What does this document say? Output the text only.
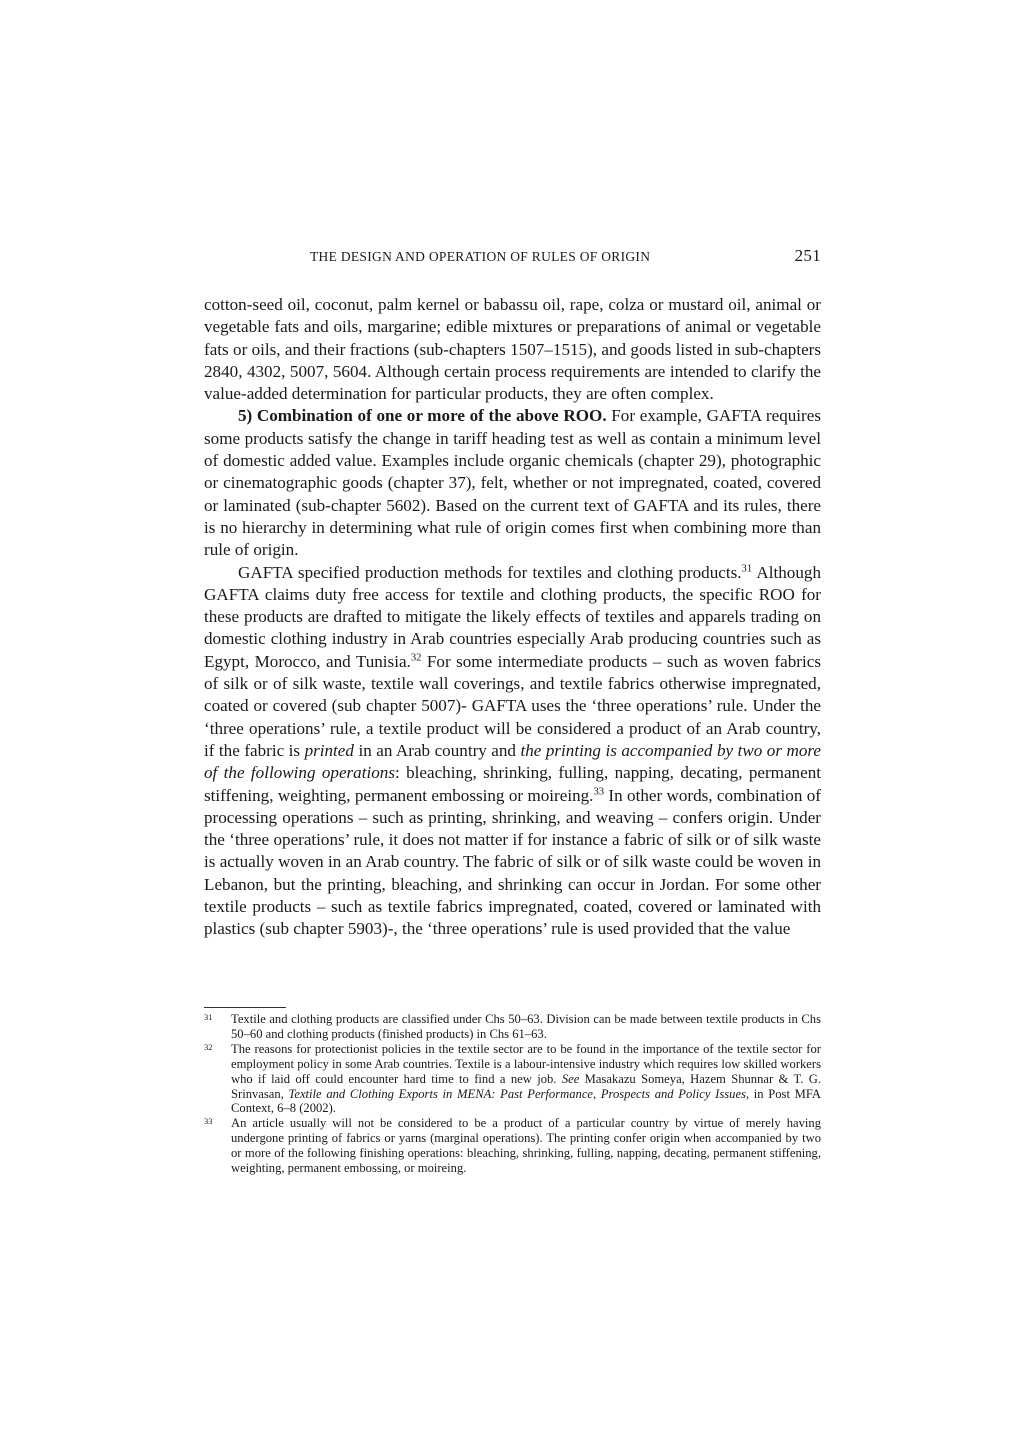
THE DESIGN AND OPERATION OF RULES OF ORIGIN	251

cotton-seed oil, coconut, palm kernel or babassu oil, rape, colza or mustard oil, animal or vegetable fats and oils, margarine; edible mixtures or preparations of animal or vegetable fats or oils, and their fractions (sub-chapters 1507–1515), and goods listed in sub-chapters 2840, 4302, 5007, 5604. Although certain process requirements are intended to clarify the value-added determination for particular products, they are often complex.

5) Combination of one or more of the above ROO. For example, GAFTA requires some products satisfy the change in tariff heading test as well as contain a minimum level of domestic added value. Examples include organic chemicals (chapter 29), photographic or cinematographic goods (chapter 37), felt, whether or not impregnated, coated, covered or laminated (sub-chapter 5602). Based on the current text of GAFTA and its rules, there is no hierarchy in determining what rule of origin comes first when combining more than rule of origin.

GAFTA specified production methods for textiles and clothing products.$^{31}$ Although GAFTA claims duty free access for textile and clothing products, the specific ROO for these products are drafted to mitigate the likely effects of textiles and apparels trading on domestic clothing industry in Arab countries especially Arab producing countries such as Egypt, Morocco, and Tunisia.$^{32}$ For some intermediate products – such as woven fabrics of silk or of silk waste, textile wall coverings, and textile fabrics otherwise impregnated, coated or covered (sub chapter 5007)- GAFTA uses the ‘three operations’ rule. Under the ‘three operations’ rule, a textile product will be considered a product of an Arab country, if the fabric is printed in an Arab country and the printing is accompanied by two or more of the following operations: bleaching, shrinking, fulling, napping, decating, permanent stiffening, weighting, permanent embossing or moireing.$^{33}$ In other words, combination of processing operations – such as printing, shrinking, and weaving – confers origin. Under the ‘three operations’ rule, it does not matter if for instance a fabric of silk or of silk waste is actually woven in an Arab country. The fabric of silk or of silk waste could be woven in Lebanon, but the printing, bleaching, and shrinking can occur in Jordan. For some other textile products – such as textile fabrics impregnated, coated, covered or laminated with plastics (sub chapter 5903)-, the ‘three operations’ rule is used provided that the value

31 Textile and clothing products are classified under Chs 50–63. Division can be made between textile products in Chs 50–60 and clothing products (finished products) in Chs 61–63.

32 The reasons for protectionist policies in the textile sector are to be found in the importance of the textile sector for employment policy in some Arab countries. Textile is a labour-intensive industry which requires low skilled workers who if laid off could encounter hard time to find a new job. See Masakazu Someya, Hazem Shunnar & T. G. Srinvasan, Textile and Clothing Exports in MENA: Past Performance, Prospects and Policy Issues, in Post MFA Context, 6–8 (2002).

33 An article usually will not be considered to be a product of a particular country by virtue of merely having undergone printing of fabrics or yarns (marginal operations). The printing confer origin when accompanied by two or more of the following finishing operations: bleaching, shrinking, fulling, napping, decating, permanent stiffening, weighting, permanent embossing, or moireing.
